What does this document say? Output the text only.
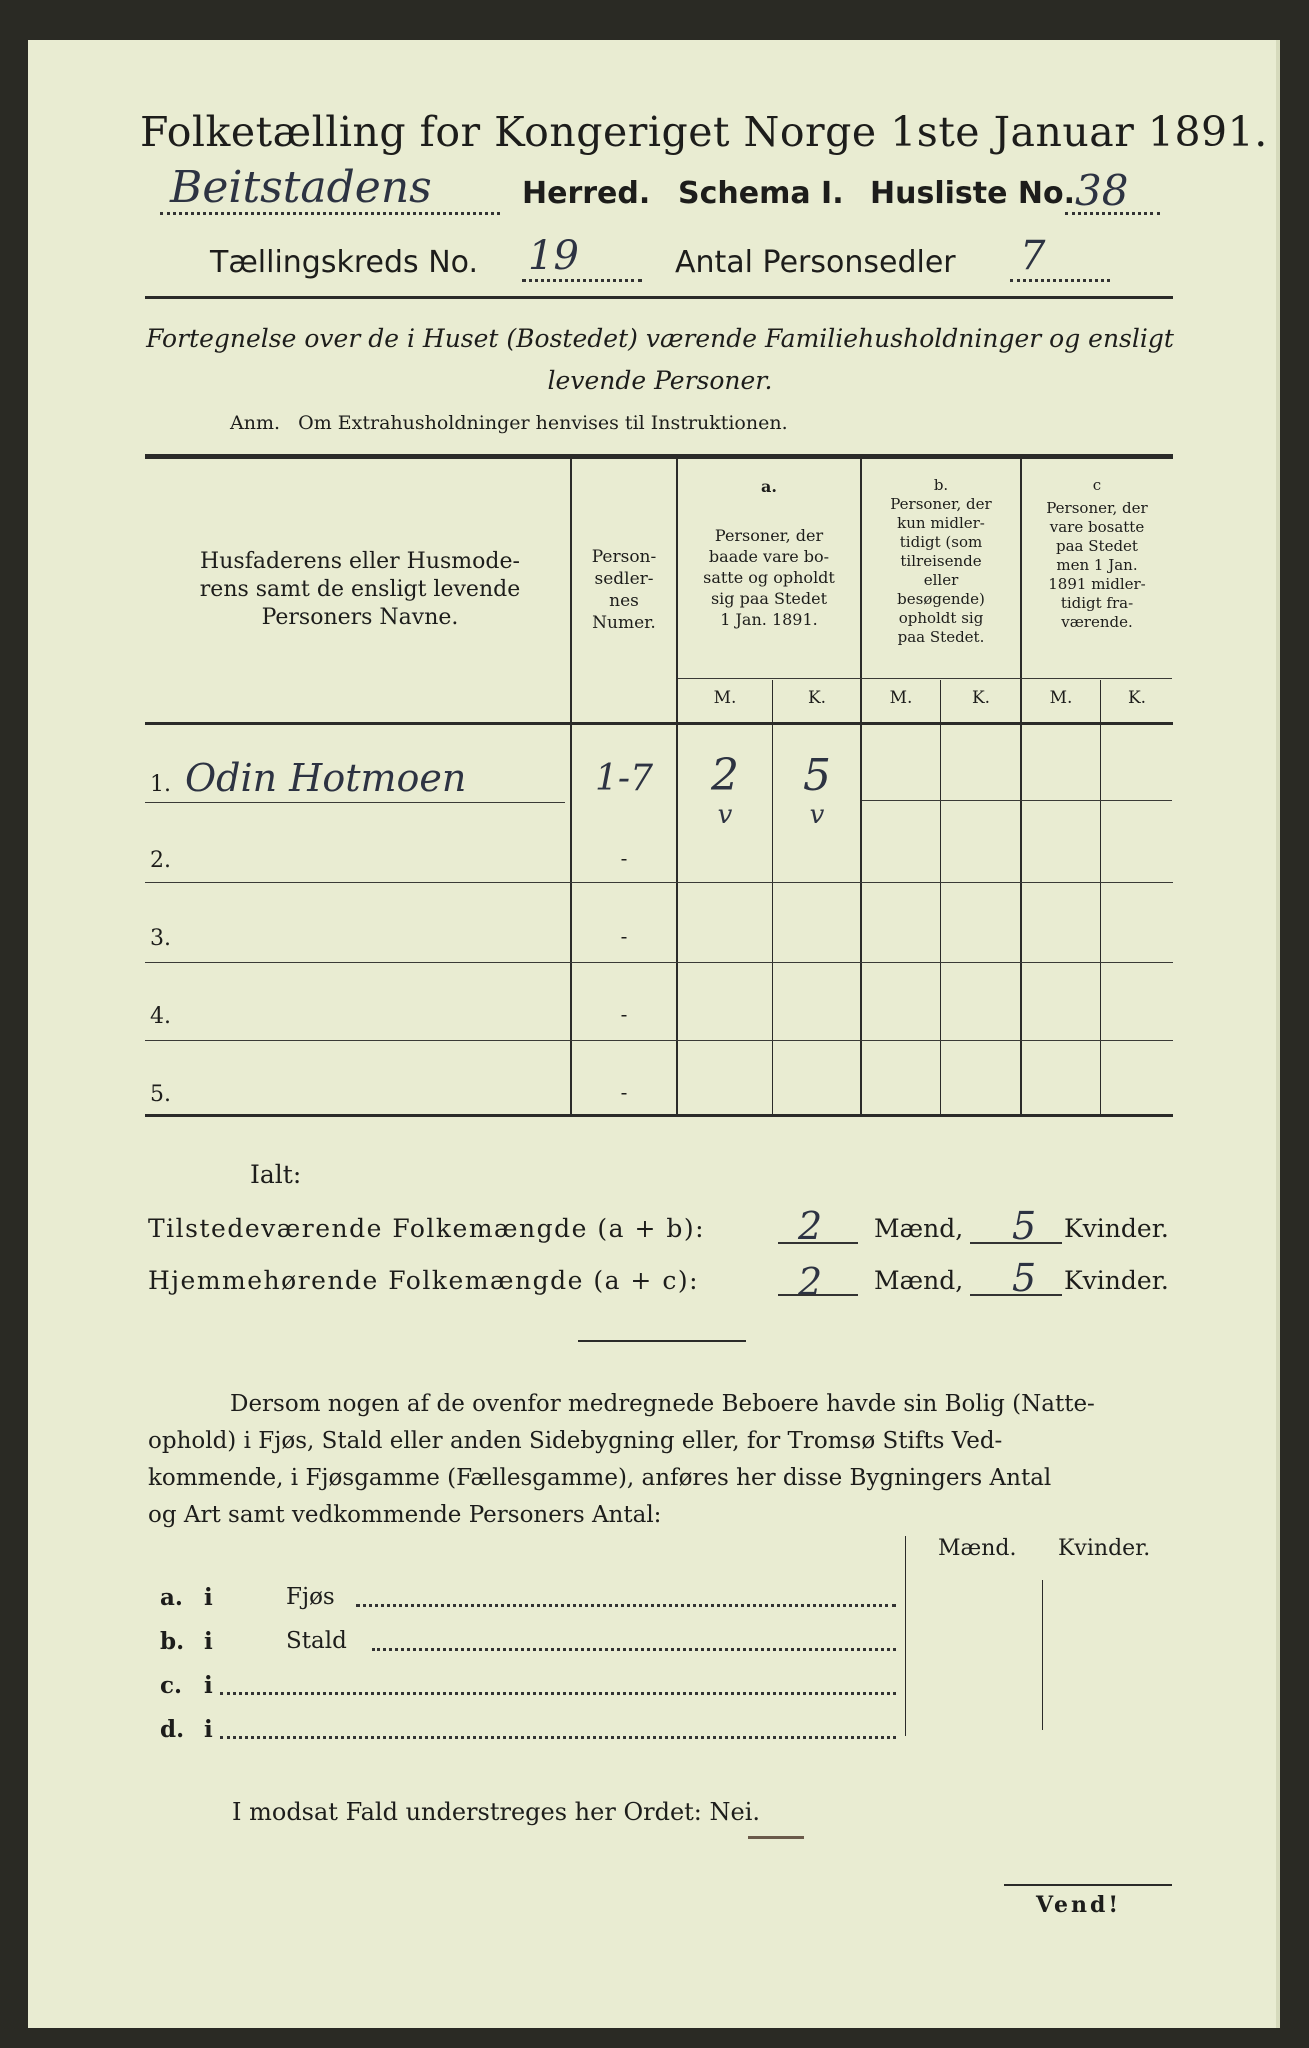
Folketælling for Kongeriget Norge 1ste Januar 1891.
Beitstadens	Herred. Schema I. Husliste No. 38
Tællingskreds No. 19	Antal Personsedler 7
Fortegnelse over de i Huset (Bostedet) værende Familiehusholdninger og ensligt
levende Personer.
Anm.   Om Extrahusholdninger henvises til Instruktionen.
Husfaderens eller Husmode-
rens samt de ensligt levende
Personers Navne.
Person-
sedler-
nes
Numer.
a.
Personer, der
baade vare bo-
satte og opholdt
sig paa Stedet
1 Jan. 1891.
b.
Personer, der
kun midler-
tidigt (som
tilreisende
eller
besøgende)
opholdt sig
paa Stedet.
c
Personer, der
vare bosatte
paa Stedet
men 1 Jan.
1891 midler-
tidigt fra-
værende.
M.	K.	M.	K.	M.	K.
1. Odin Hotmoen	1-7	2	5
v	v
2.	-
3.	-
4.	-
5.	-
Ialt:
Tilstedeværende Folkemængde (a + b): 2 Mænd, 5 Kvinder.
Hjemmehørende Folkemængde (a + c):	2 Mænd, 5 Kvinder.
Dersom nogen af de ovenfor medregnede Beboere havde sin Bolig (Natte-
ophold) i Fjøs, Stald eller anden Sidebygning eller, for Tromsø Stifts Ved-
kommende, i Fjøsgamme (Fællesgamme), anføres her disse Bygningers Antal
og Art samt vedkommende Personers Antal:
Mænd. Kvinder.
a. i	Fjøs
b. i	Stald
c. i
d. i
I modsat Fald understreges her Ordet: Nei.
Vend!
